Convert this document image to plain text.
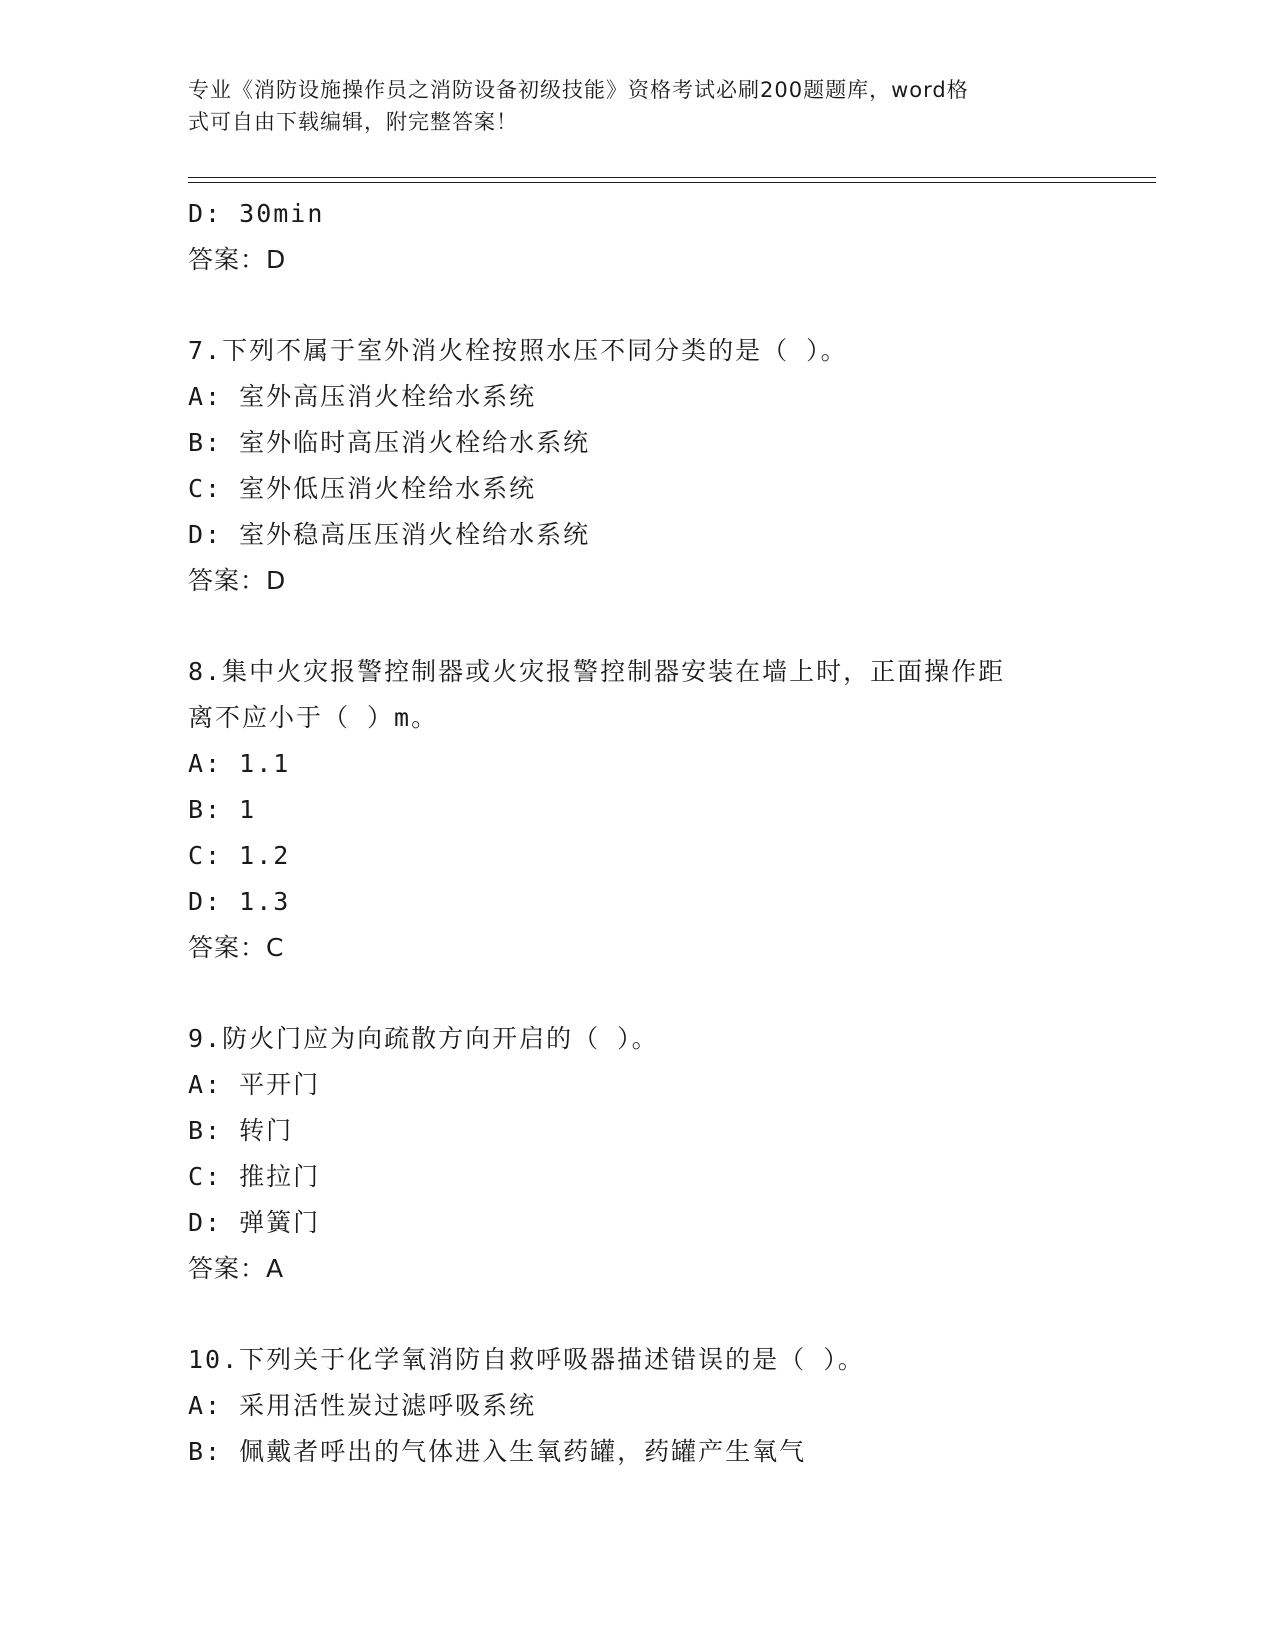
专业《消防设施操作员之消防设备初级技能》资格考试必刷200题题库，word格
式可自由下载编辑，附完整答案！
D: 30min
答案：D
7.下列不属于室外消火栓按照水压不同分类的是（ ）。
A: 室外高压消火栓给水系统
B: 室外临时高压消火栓给水系统
C: 室外低压消火栓给水系统
D: 室外稳高压压消火栓给水系统
答案：D
8.集中火灾报警控制器或火灾报警控制器安装在墙上时，正面操作距
离不应小于（ ）m。
A: 1.1
B: 1
C: 1.2
D: 1.3
答案：C
9.防火门应为向疏散方向开启的（ ）。
A: 平开门
B: 转门
C: 推拉门
D: 弹簧门
答案：A
10.下列关于化学氧消防自救呼吸器描述错误的是（ ）。
A: 采用活性炭过滤呼吸系统
B: 佩戴者呼出的气体进入生氧药罐，药罐产生氧气
